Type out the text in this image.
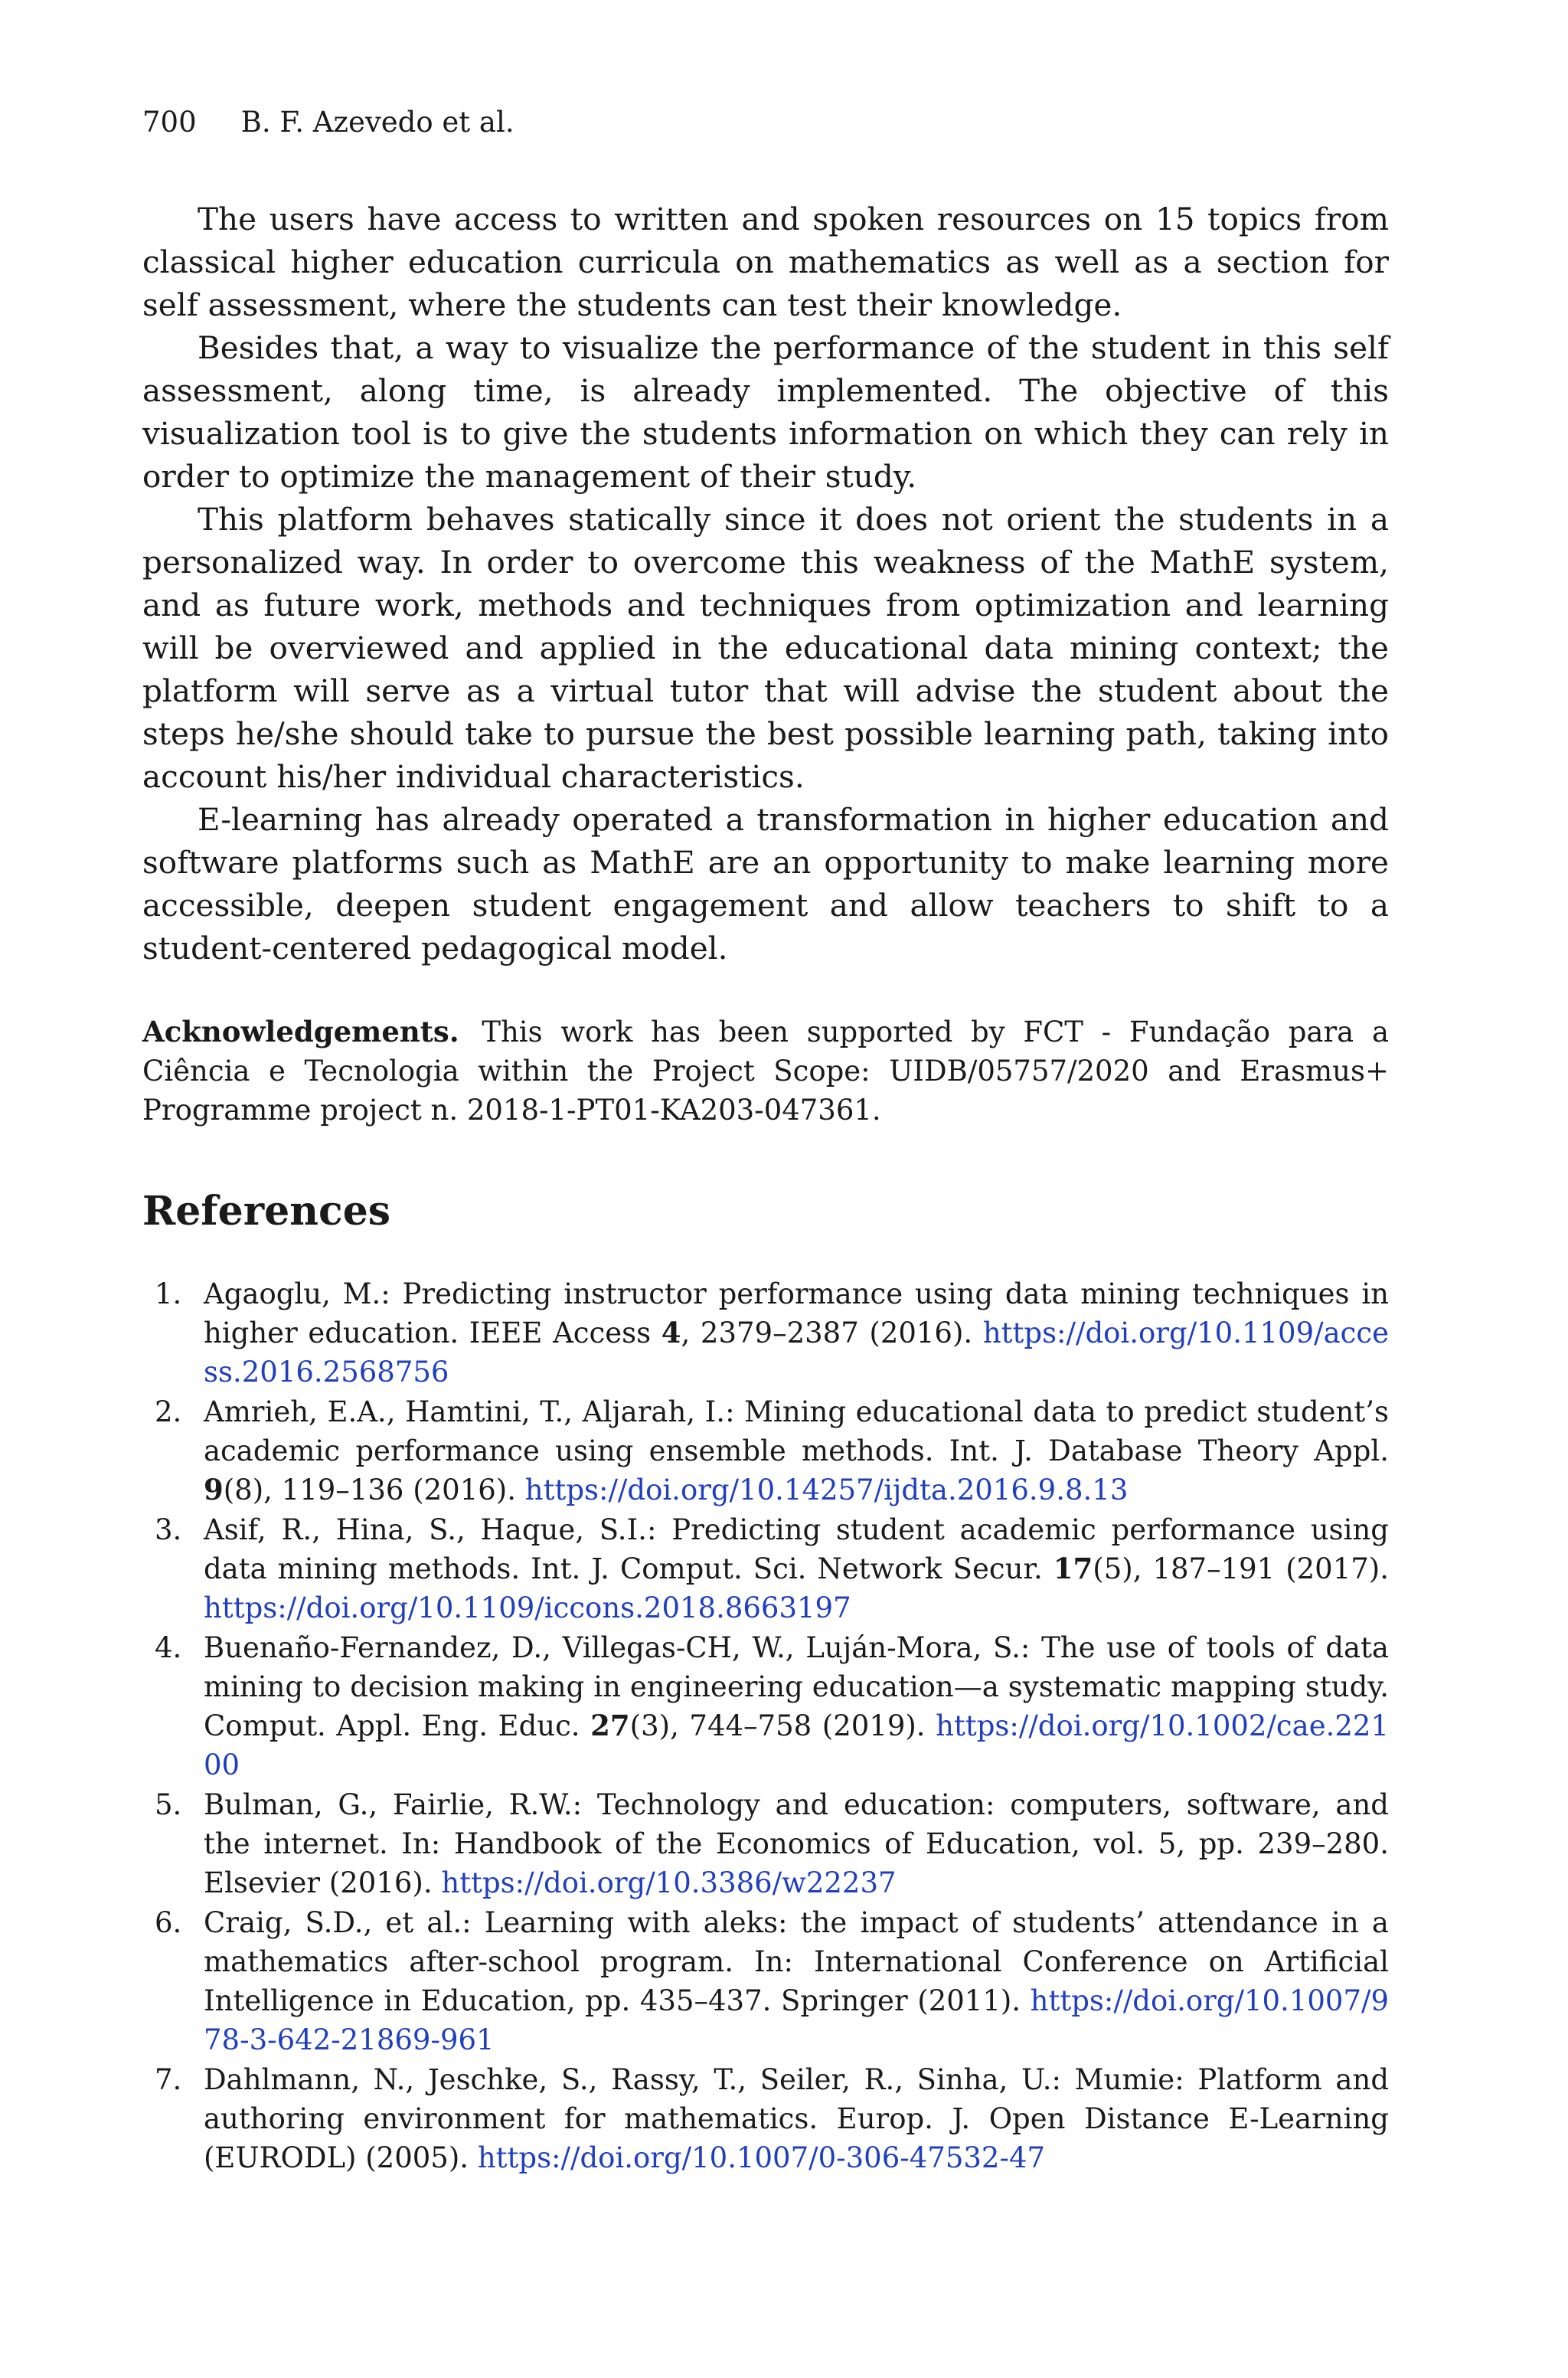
700 B. F. Azevedo et al.

The users have access to written and spoken resources on 15 topics from classical higher education curricula on mathematics as well as a section for self assessment, where the students can test their knowledge.

Besides that, a way to visualize the performance of the student in this self assessment, along time, is already implemented. The objective of this visualization tool is to give the students information on which they can rely in order to optimize the management of their study.

This platform behaves statically since it does not orient the students in a personalized way. In order to overcome this weakness of the MathE system, and as future work, methods and techniques from optimization and learning will be overviewed and applied in the educational data mining context; the platform will serve as a virtual tutor that will advise the student about the steps he/she should take to pursue the best possible learning path, taking into account his/her individual characteristics.

E-learning has already operated a transformation in higher education and software platforms such as MathE are an opportunity to make learning more accessible, deepen student engagement and allow teachers to shift to a student-centered pedagogical model.

Acknowledgements. This work has been supported by FCT - Fundação para a Ciência e Tecnologia within the Project Scope: UIDB/05757/2020 and Erasmus+ Programme project n. 2018-1-PT01-KA203-047361.
References
1. Agaoglu, M.: Predicting instructor performance using data mining techniques in higher education. IEEE Access 4, 2379–2387 (2016). https://doi.org/10.1109/access.2016.2568756
2. Amrieh, E.A., Hamtini, T., Aljarah, I.: Mining educational data to predict student’s academic performance using ensemble methods. Int. J. Database Theory Appl. 9(8), 119–136 (2016). https://doi.org/10.14257/ijdta.2016.9.8.13
3. Asif, R., Hina, S., Haque, S.I.: Predicting student academic performance using data mining methods. Int. J. Comput. Sci. Network Secur. 17(5), 187–191 (2017). https://doi.org/10.1109/iccons.2018.8663197
4. Buenaño-Fernandez, D., Villegas-CH, W., Luján-Mora, S.: The use of tools of data mining to decision making in engineering education—a systematic mapping study. Comput. Appl. Eng. Educ. 27(3), 744–758 (2019). https://doi.org/10.1002/cae.22100
5. Bulman, G., Fairlie, R.W.: Technology and education: computers, software, and the internet. In: Handbook of the Economics of Education, vol. 5, pp. 239–280. Elsevier (2016). https://doi.org/10.3386/w22237
6. Craig, S.D., et al.: Learning with aleks: the impact of students’ attendance in a mathematics after-school program. In: International Conference on Artificial Intelligence in Education, pp. 435–437. Springer (2011). https://doi.org/10.1007/978-3-642-21869-961
7. Dahlmann, N., Jeschke, S., Rassy, T., Seiler, R., Sinha, U.: Mumie: Platform and authoring environment for mathematics. Europ. J. Open Distance E-Learning (EURODL) (2005). https://doi.org/10.1007/0-306-47532-47
